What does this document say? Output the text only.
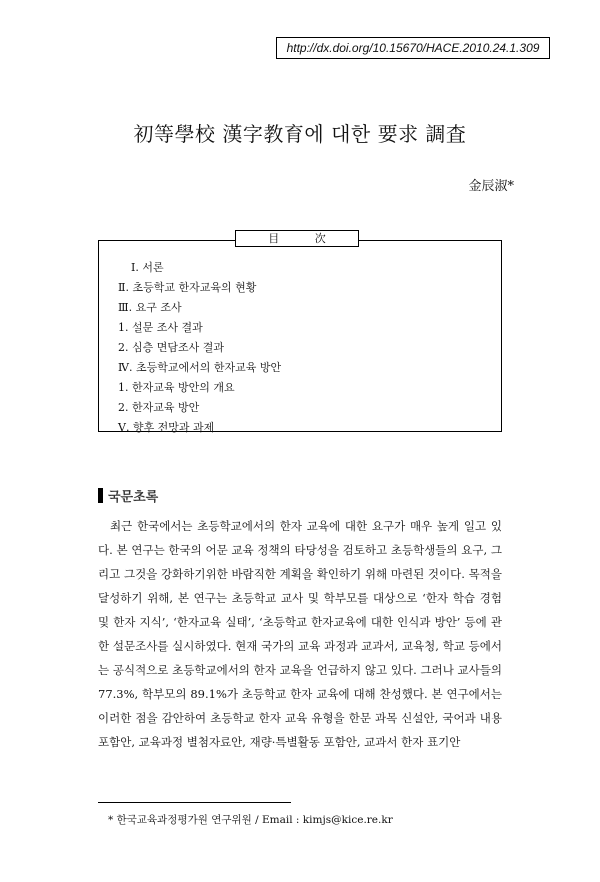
http://dx.doi.org/10.15670/HACE.2010.24.1.309
初等學校 漢字教育에 대한 要求 調査
金辰淑*
目 次
Ⅰ. 서론
Ⅱ. 초등학교 한자교육의 현황
Ⅲ. 요구 조사
1. 설문 조사 결과
2. 심층 면담조사 결과
Ⅳ. 초등학교에서의 한자교육 방안
1. 한자교육 방안의 개요
2. 한자교육 방안
Ⅴ. 향후 전망과 과제
국문초록

최근 한국에서는 초등학교에서의 한자 교육에 대한 요구가 매우 높게 일고 있다. 본 연구는 한국의 어문 교육 정책의 타당성을 검토하고 초등학생들의 요구, 그리고 그것을 강화하기위한 바람직한 계획을 확인하기 위해 마련된 것이다. 목적을 달성하기 위해, 본 연구는 초등학교 교사 및 학부모를 대상으로 ‘한자 학습 경험 및 한자 지식’, ‘한자교육 실태’, ‘초등학교 한자교육에 대한 인식과 방안’ 등에 관한 설문조사를 실시하였다. 현재 국가의 교육 과정과 교과서, 교육청, 학교 등에서는 공식적으로 초등학교에서의 한자 교육을 언급하지 않고 있다. 그러나 교사들의 77.3%, 학부모의 89.1%가 초등학교 한자 교육에 대해 찬성했다. 본 연구에서는 이러한 점을 감안하여 초등학교 한자 교육 유형을 한문 과목 신설안, 국어과 내용 포함안, 교육과정 별첨자료안, 재량·특별활동 포함안, 교과서 한자 표기안

* 한국교육과정평가원 연구위원 / Email : kimjs@kice.re.kr
